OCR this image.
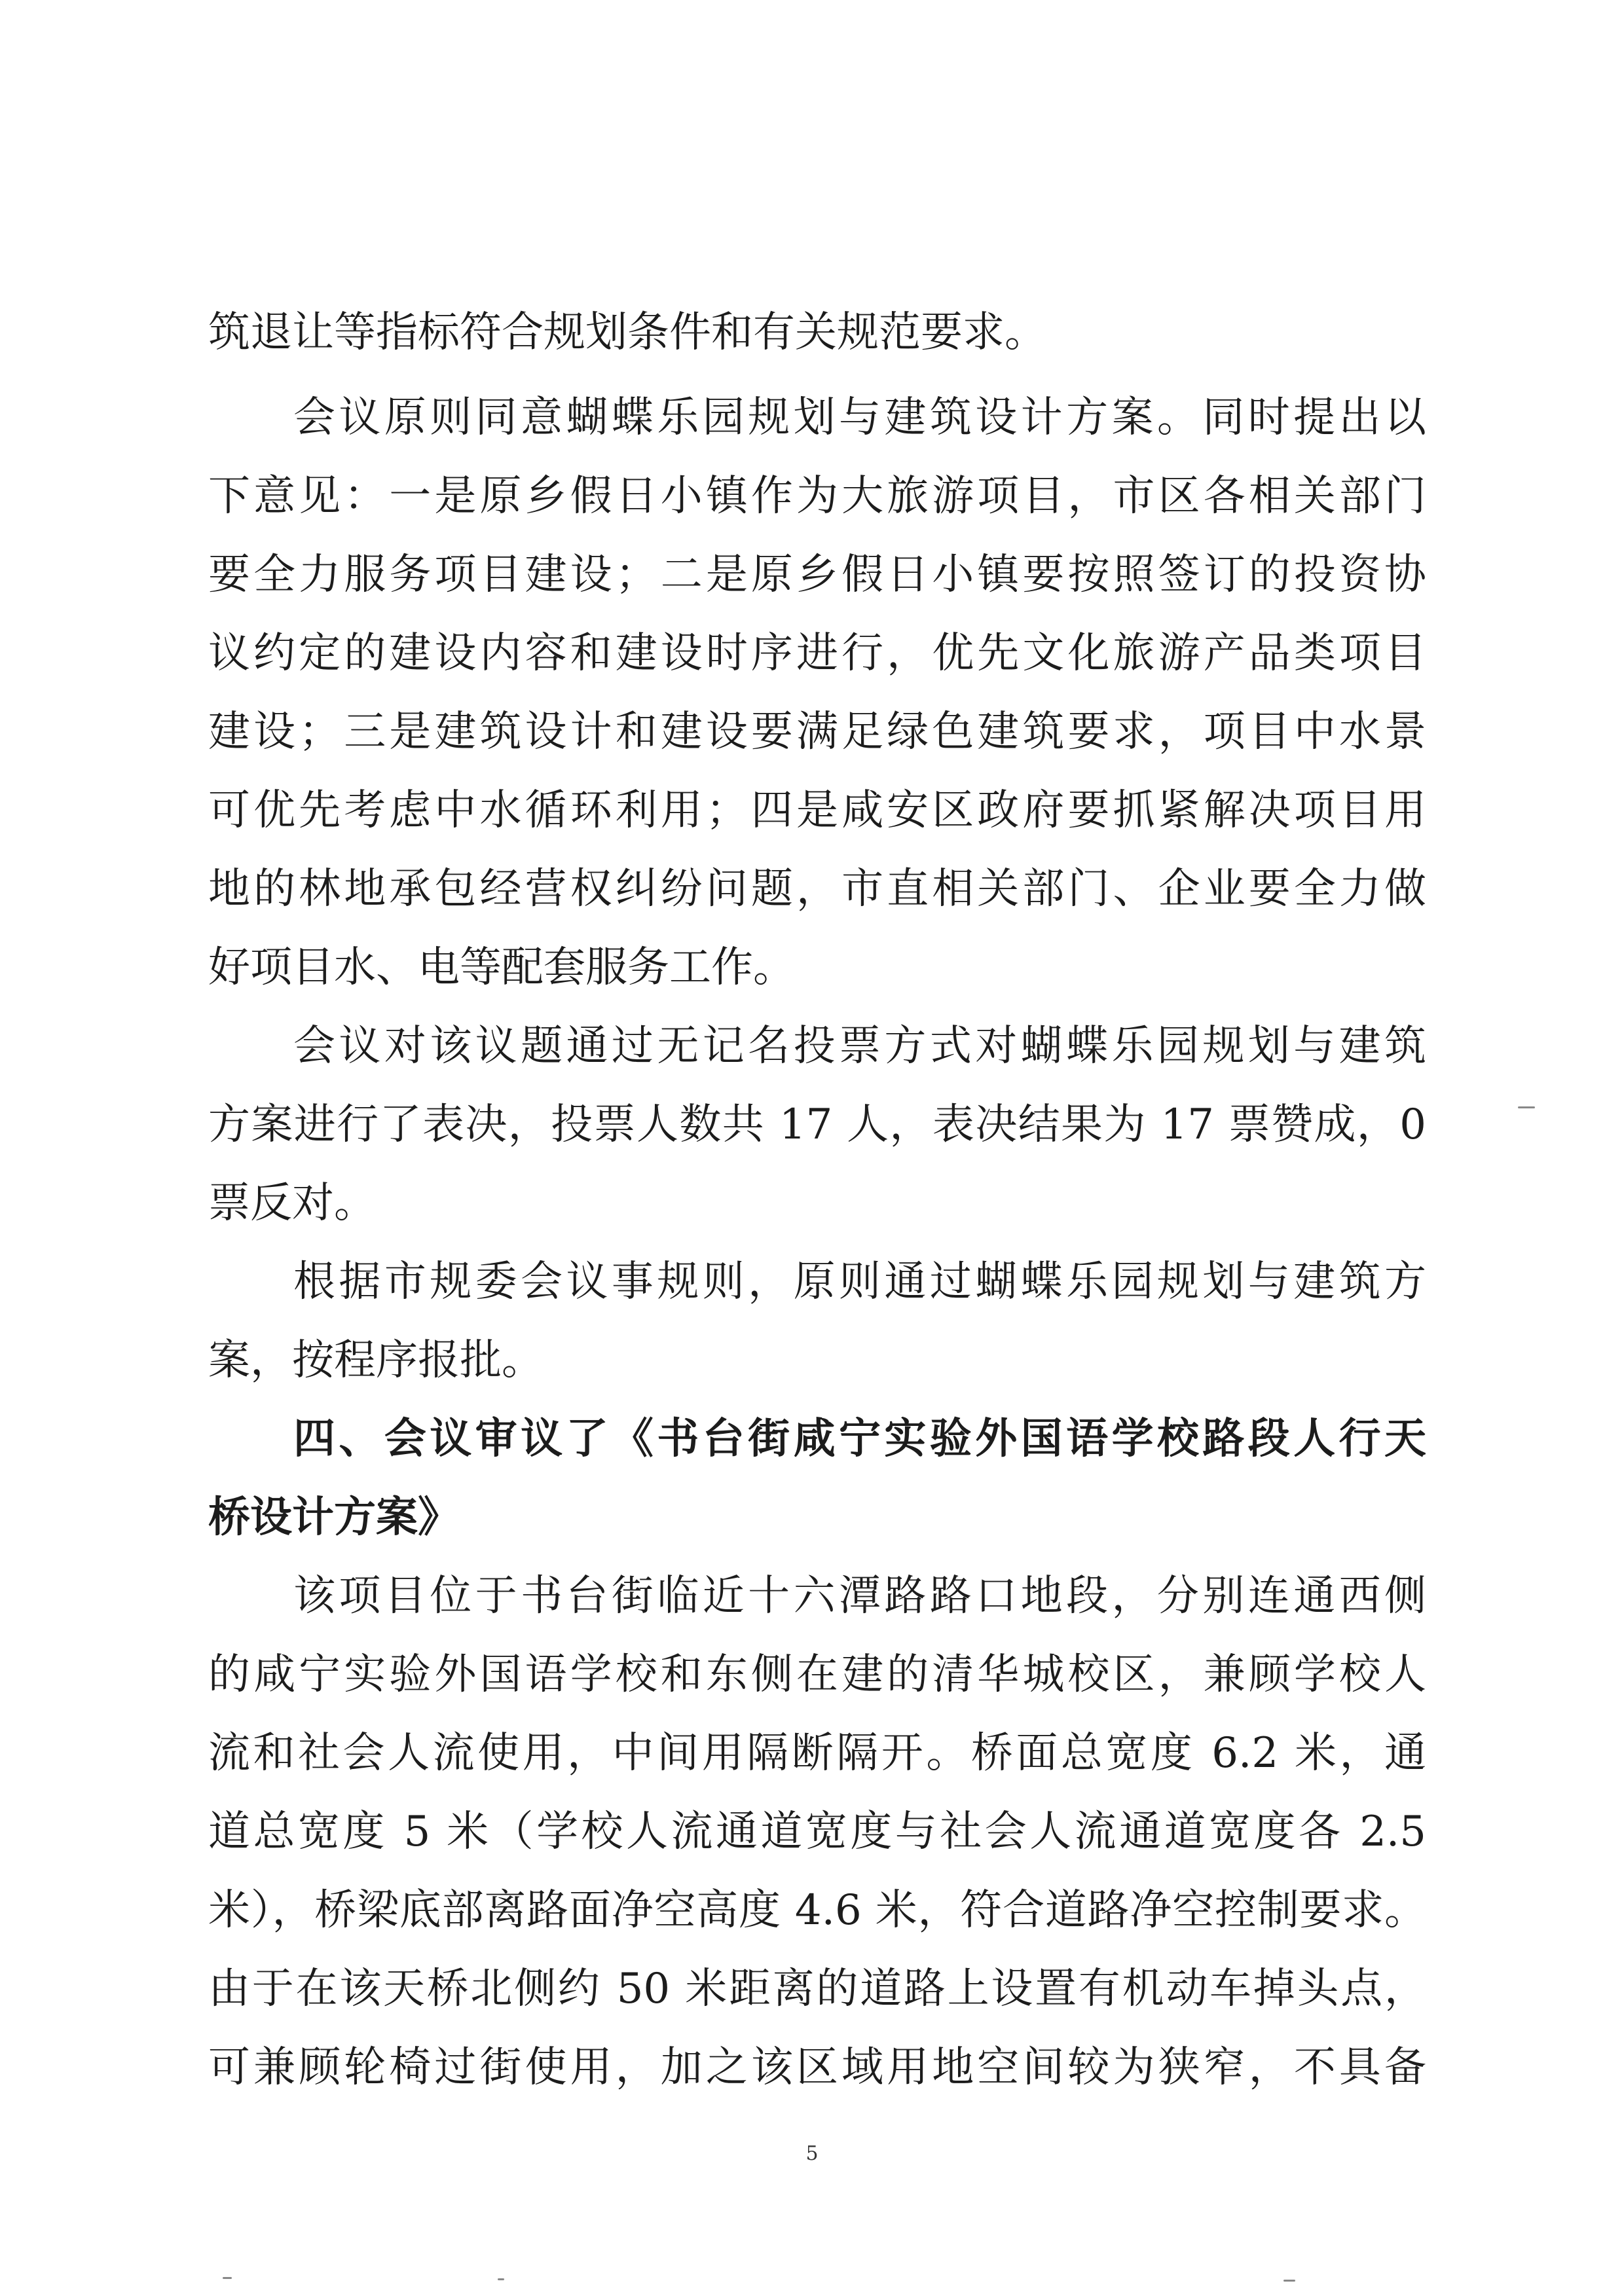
筑退让等指标符合规划条件和有关规范要求。
会议原则同意蝴蝶乐园规划与建筑设计方案。同时提出以
下意见：一是原乡假日小镇作为大旅游项目，市区各相关部门
要全力服务项目建设；二是原乡假日小镇要按照签订的投资协
议约定的建设内容和建设时序进行，优先文化旅游产品类项目
建设；三是建筑设计和建设要满足绿色建筑要求，项目中水景
可优先考虑中水循环利用；四是咸安区政府要抓紧解决项目用
地的林地承包经营权纠纷问题，市直相关部门、企业要全力做
好项目水、电等配套服务工作。
会议对该议题通过无记名投票方式对蝴蝶乐园规划与建筑
方案进行了表决，投票人数共 17 人，表决结果为 17 票赞成，0
票反对。
根据市规委会议事规则，原则通过蝴蝶乐园规划与建筑方
案，按程序报批。
四、会议审议了《书台街咸宁实验外国语学校路段人行天
桥设计方案》
该项目位于书台街临近十六潭路路口地段，分别连通西侧
的咸宁实验外国语学校和东侧在建的清华城校区，兼顾学校人
流和社会人流使用，中间用隔断隔开。桥面总宽度 6.2 米，通
道总宽度 5 米（学校人流通道宽度与社会人流通道宽度各 2.5
米），桥梁底部离路面净空高度 4.6 米，符合道路净空控制要求。
由于在该天桥北侧约 50 米距离的道路上设置有机动车掉头点，
可兼顾轮椅过街使用，加之该区域用地空间较为狭窄，不具备
5
